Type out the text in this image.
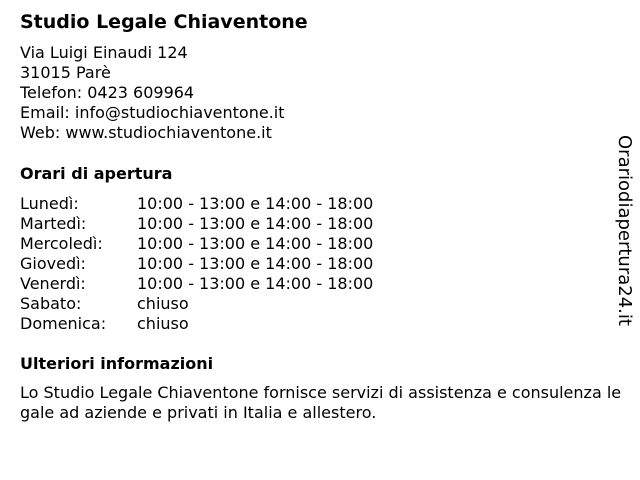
Studio Legale Chiaventone
Via Luigi Einaudi 124
31015 Parè
Telefon: 0423 609964
Email: info@studiochiaventone.it
Web: www.studiochiaventone.it
Orari di apertura
Lunedì:	10:00 - 13:00 e 14:00 - 18:00
Martedì:	10:00 - 13:00 e 14:00 - 18:00
Mercoledì: 10:00 - 13:00 e 14:00 - 18:00
Giovedì:	10:00 - 13:00 e 14:00 - 18:00
Venerdì:	10:00 - 13:00 e 14:00 - 18:00
Sabato:	chiuso
Domenica: chiuso
Ulteriori informazioni
Lo Studio Legale Chiaventone fornisce servizi di assistenza e consulenza legale ad aziende e privati in Italia e allestero.
Orariodiapertura24.it
